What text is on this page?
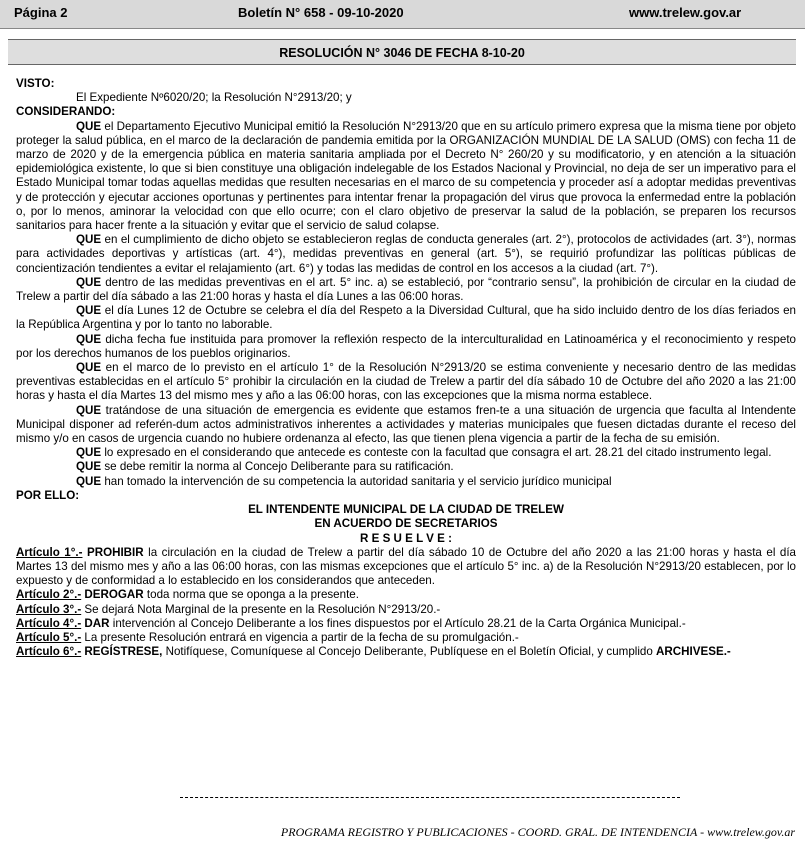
Página 2	Boletín N° 658 - 09-10-2020	www.trelew.gov.ar
RESOLUCIÓN N° 3046 DE FECHA 8-10-20

VISTO:

El Expediente Nº6020/20; la Resolución N°2913/20; y

CONSIDERANDO:

QUE el Departamento Ejecutivo Municipal emitió la Resolución N°2913/20 que en su artículo primero expresa que la misma tiene por objeto proteger la salud pública, en el marco de la declaración de pandemia emitida por la ORGANIZACIÓN MUNDIAL DE LA SALUD (OMS) con fecha 11 de marzo de 2020 y de la emergencia pública en materia sanitaria ampliada por el Decreto N° 260/20 y su modificatorio, y en atención a la situación epidemiológica existente, lo que si bien constituye una obligación indelegable de los Estados Nacional y Provincial, no deja de ser un imperativo para el Estado Municipal tomar todas aquellas medidas que resulten necesarias en el marco de su competencia y proceder así a adoptar medidas preventivas y de protección y ejecutar acciones oportunas y pertinentes para intentar frenar la propagación del virus que provoca la enfermedad entre la población o, por lo menos, aminorar la velocidad con que ello ocurre; con el claro objetivo de preservar la salud de la población, se preparen los recursos sanitarios para hacer frente a la situación y evitar que el servicio de salud colapse.

QUE en el cumplimiento de dicho objeto se establecieron reglas de conducta generales (art. 2°), protocolos de actividades (art. 3°), normas para actividades deportivas y artísticas (art. 4°), medidas preventivas en general (art. 5°), se requirió profundizar las políticas públicas de concientización tendientes a evitar el relajamiento (art. 6°) y todas las medidas de control en los accesos a la ciudad (art. 7°).

QUE dentro de las medidas preventivas en el art. 5° inc. a) se estableció, por “contrario sensu”, la prohibición de circular en la ciudad de Trelew a partir del día sábado a las 21:00 horas y hasta el día Lunes a las 06:00 horas.

QUE el día Lunes 12 de Octubre se celebra el día del Respeto a la Diversidad Cultural, que ha sido incluido dentro de los días feriados en la República Argentina y por lo tanto no laborable.

QUE dicha fecha fue instituida para promover la reflexión respecto de la interculturalidad en Latinoamérica y el reconocimiento y respeto por los derechos humanos de los pueblos originarios.

QUE en el marco de lo previsto en el artículo 1° de la Resolución N°2913/20 se estima conveniente y necesario dentro de las medidas preventivas establecidas en el artículo 5° prohibir la circulación en la ciudad de Trelew a partir del día sábado 10 de Octubre del año 2020 a las 21:00 horas y hasta el día Martes 13 del mismo mes y año a las 06:00 horas, con las excepciones que la misma norma establece.

QUE tratándose de una situación de emergencia es evidente que estamos fren-te a una situación de urgencia que faculta al Intendente Municipal disponer ad referén-dum actos administrativos inherentes a actividades y materias municipales que fuesen dictadas durante el receso del mismo y/o en casos de urgencia cuando no hubiere ordenanza al efecto, las que tienen plena vigencia a partir de la fecha de su emisión.

QUE lo expresado en el considerando que antecede es conteste con la facultad que consagra el art. 28.21 del citado instrumento legal.

QUE se debe remitir la norma al Concejo Deliberante para su ratificación.

QUE han tomado la intervención de su competencia la autoridad sanitaria y el servicio jurídico municipal

POR ELLO:

EL INTENDENTE MUNICIPAL DE LA CIUDAD DE TRELEW

EN ACUERDO DE SECRETARIOS

R E S U E L V E :

Artículo 1°.- PROHIBIR la circulación en la ciudad de Trelew a partir del día sábado 10 de Octubre del año 2020 a las 21:00 horas y hasta el día Martes 13 del mismo mes y año a las 06:00 horas, con las mismas excepciones que el artículo 5° inc. a) de la Resolución N°2913/20 establecen, por lo expuesto y de conformidad a lo establecido en los considerandos que anteceden.

Artículo 2°.- DEROGAR toda norma que se oponga a la presente.

Artículo 3°.- Se dejará Nota Marginal de la presente en la Resolución N°2913/20.-

Artículo 4°.- DAR intervención al Concejo Deliberante a los fines dispuestos por el Artículo 28.21 de la Carta Orgánica Municipal.-

Artículo 5°.- La presente Resolución entrará en vigencia a partir de la fecha de su promulgación.-

Artículo 6°.- REGÍSTRESE, Notifíquese, Comuníquese al Concejo Deliberante, Publíquese en el Boletín Oficial, y cumplido ARCHIVESE.-

PROGRAMA REGISTRO Y PUBLICACIONES - COORD. GRAL. DE INTENDENCIA - www.trelew.gov.ar
